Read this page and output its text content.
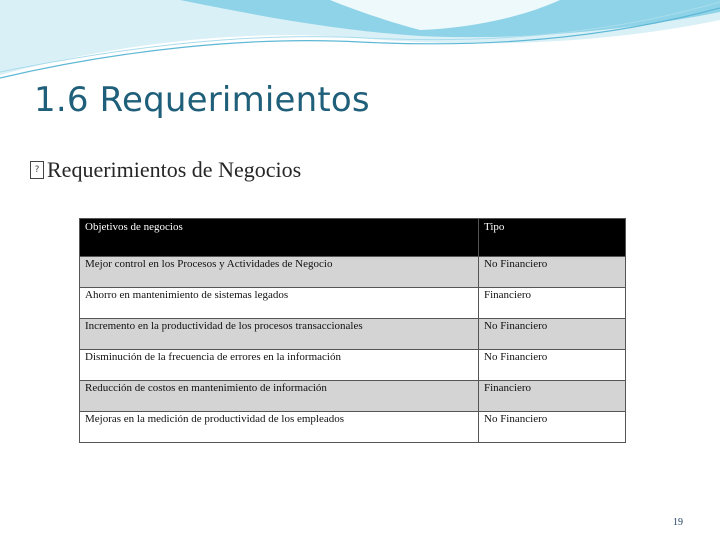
1.6 Requerimientos
? Requerimientos de Negocios
Objetivos de negocios	Tipo
Mejor control en los Procesos y Actividades de Negocio	No Financiero
Ahorro en mantenimiento de sistemas legados	Financiero
Incremento en la productividad de los procesos transaccionales	No Financiero
Disminución de la frecuencia de errores en la información	No Financiero
Reducción de costos en mantenimiento de información	Financiero
Mejoras en la medición de productividad de los empleados	No Financiero
19
